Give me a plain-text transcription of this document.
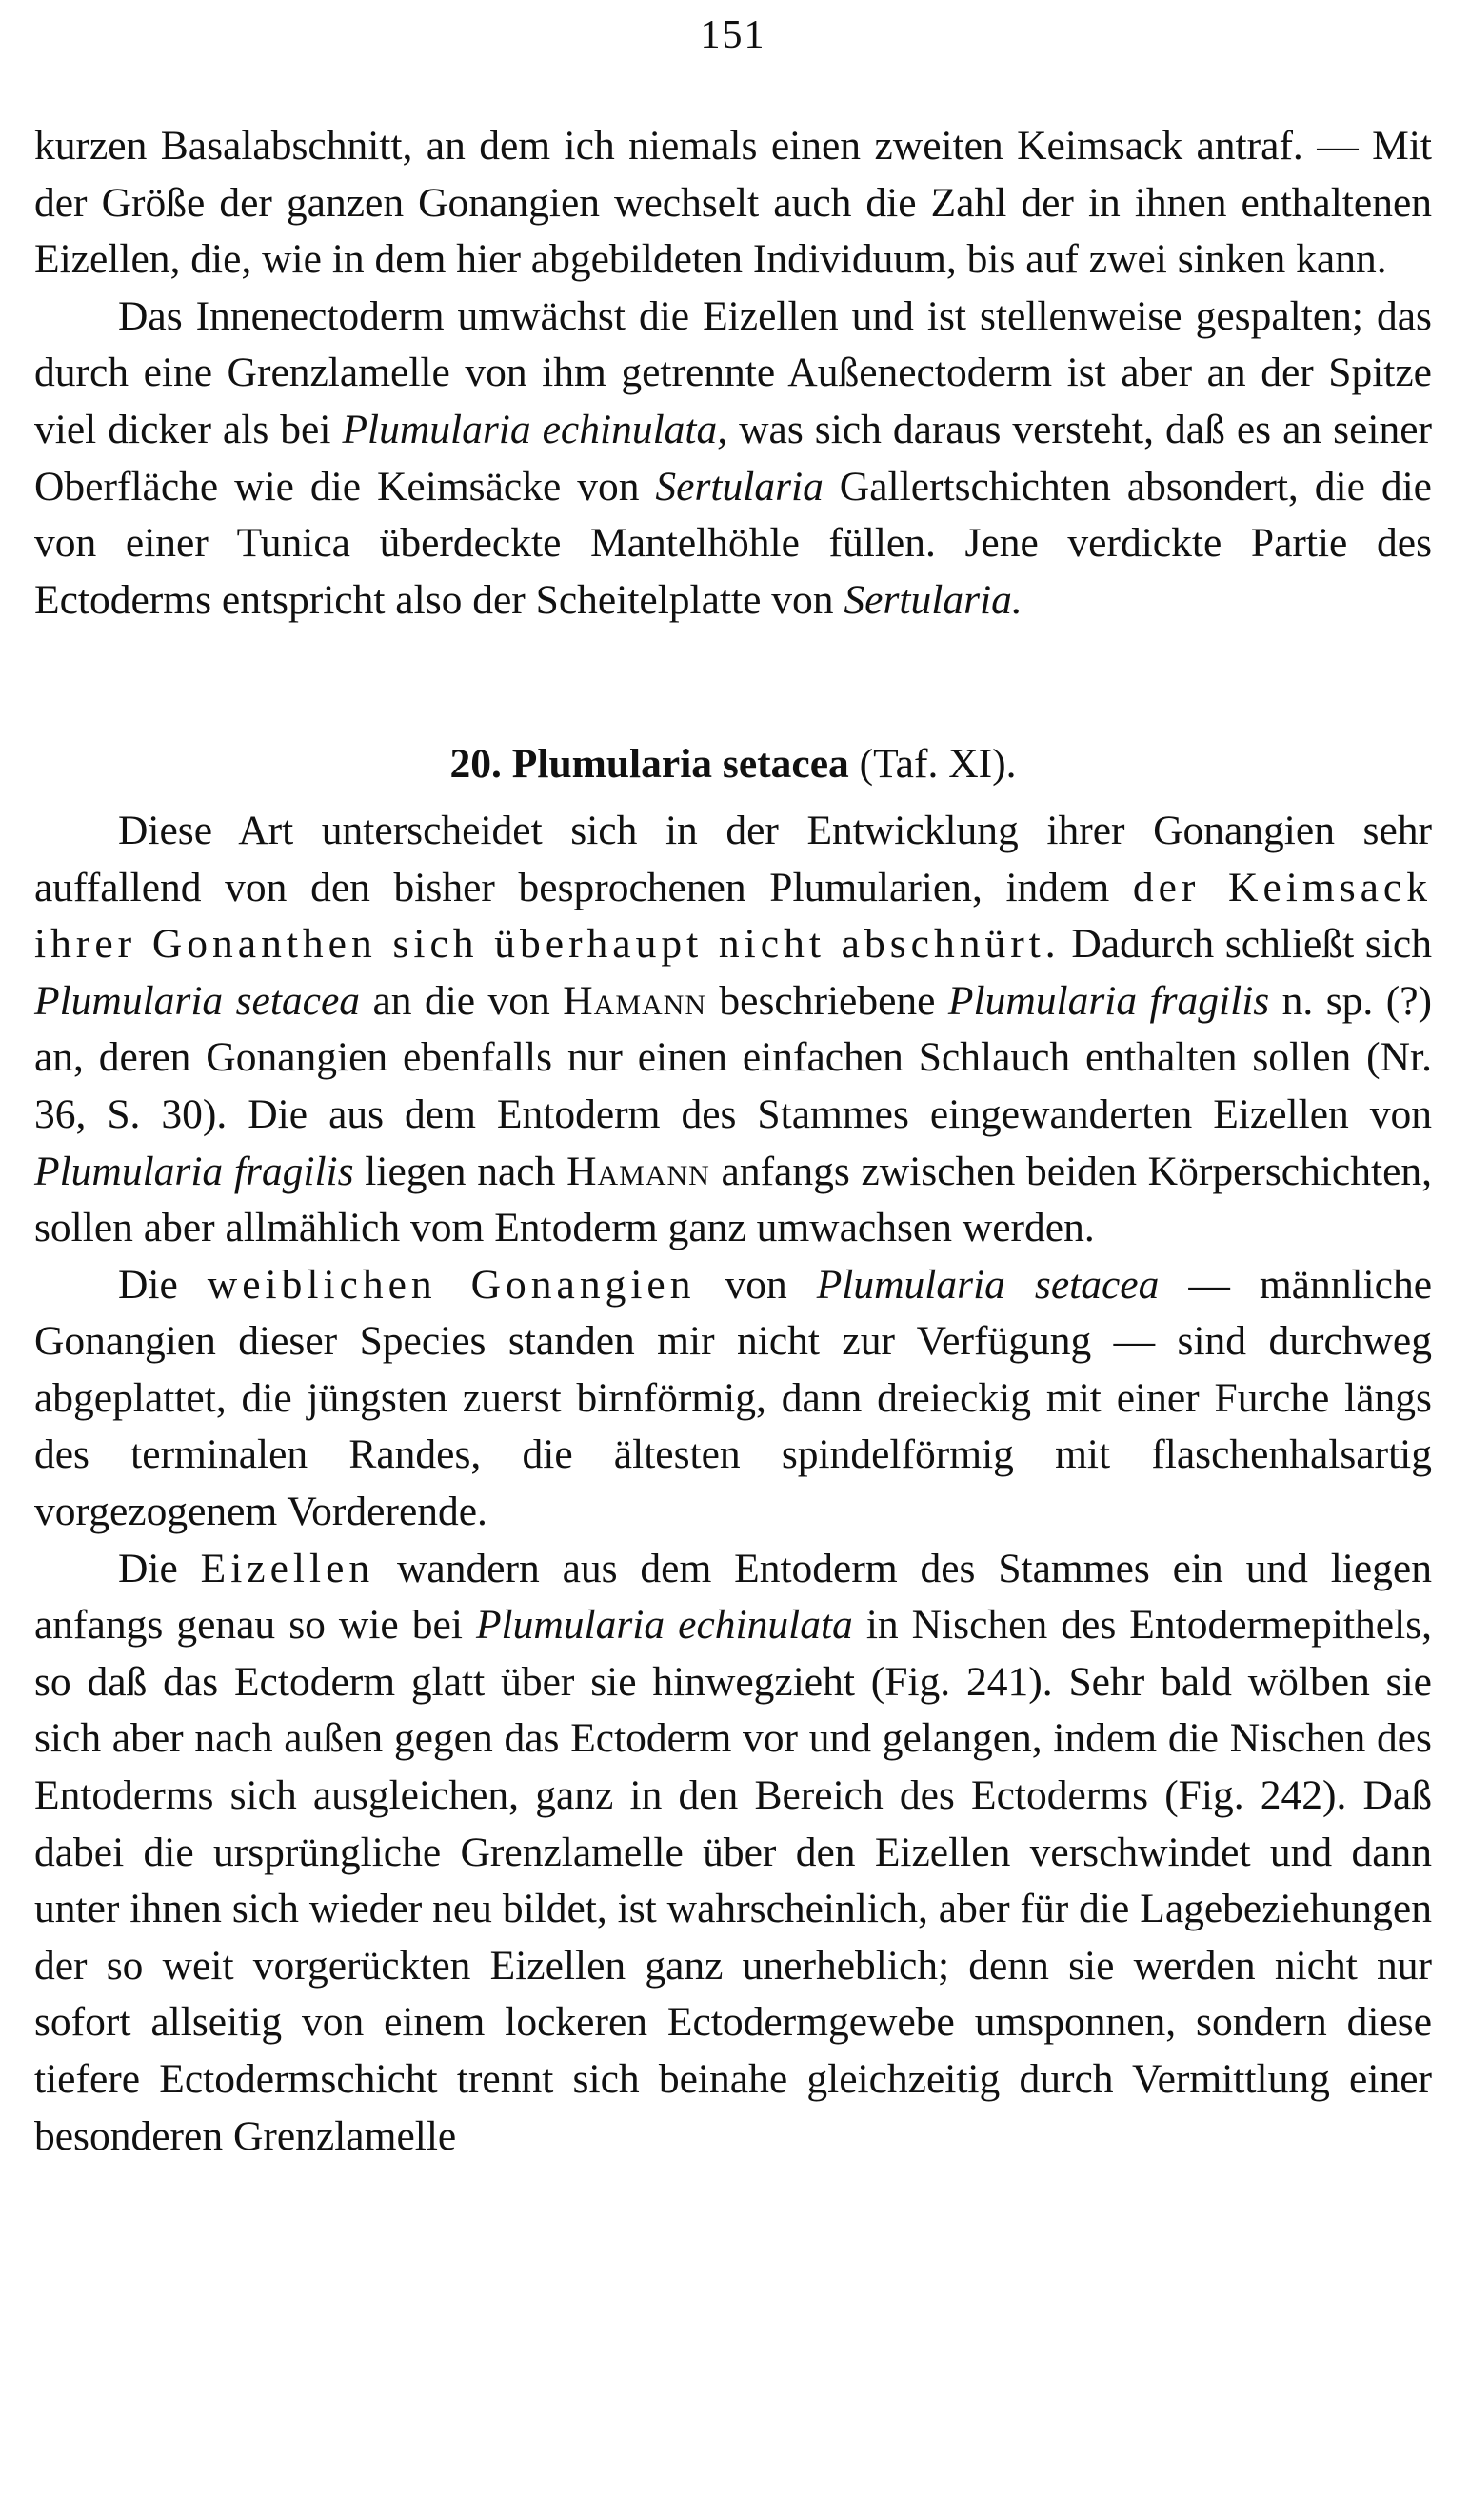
151

kurzen Basalabschnitt, an dem ich niemals einen zweiten Keimsack antraf. — Mit der Größe der ganzen Gonangien wechselt auch die Zahl der in ihnen enthaltenen Eizellen, die, wie in dem hier abgebildeten Individuum, bis auf zwei sinken kann.

Das Innenectoderm umwächst die Eizellen und ist stellenweise gespalten; das durch eine Grenzlamelle von ihm getrennte Außenectoderm ist aber an der Spitze viel dicker als bei Plumularia echinulata, was sich daraus versteht, daß es an seiner Oberfläche wie die Keimsäcke von Sertularia Gallertschichten absondert, die die von einer Tunica überdeckte Mantelhöhle füllen. Jene verdickte Partie des Ectoderms entspricht also der Scheitelplatte von Sertularia.

20. Plumularia setacea (Taf. XI).

Diese Art unterscheidet sich in der Entwicklung ihrer Gonangien sehr auffallend von den bisher besprochenen Plumularien, indem der Keimsack ihrer Gonanthen sich überhaupt nicht abschnürt. Dadurch schließt sich Plumularia setacea an die von Hamann beschriebene Plumularia fragilis n. sp. (?) an, deren Gonangien ebenfalls nur einen einfachen Schlauch enthalten sollen (Nr. 36, S. 30). Die aus dem Entoderm des Stammes eingewanderten Eizellen von Plumularia fragilis liegen nach Hamann anfangs zwischen beiden Körperschichten, sollen aber allmählich vom Entoderm ganz umwachsen werden.

Die weiblichen Gonangien von Plumularia setacea — männliche Gonangien dieser Species standen mir nicht zur Verfügung — sind durchweg abgeplattet, die jüngsten zuerst birnförmig, dann dreieckig mit einer Furche längs des terminalen Randes, die ältesten spindelförmig mit flaschenhalsartig vorgezogenem Vorderende.

Die Eizellen wandern aus dem Entoderm des Stammes ein und liegen anfangs genau so wie bei Plumularia echinulata in Nischen des Entodermepithels, so daß das Ectoderm glatt über sie hinwegzieht (Fig. 241). Sehr bald wölben sie sich aber nach außen gegen das Ectoderm vor und gelangen, indem die Nischen des Entoderms sich ausgleichen, ganz in den Bereich des Ectoderms (Fig. 242). Daß dabei die ursprüngliche Grenzlamelle über den Eizellen verschwindet und dann unter ihnen sich wieder neu bildet, ist wahrscheinlich, aber für die Lagebeziehungen der so weit vorgerückten Eizellen ganz unerheblich; denn sie werden nicht nur sofort allseitig von einem lockeren Ectodermgewebe umsponnen, sondern diese tiefere Ectodermschicht trennt sich beinahe gleichzeitig durch Vermittlung einer besonderen Grenzlamelle
